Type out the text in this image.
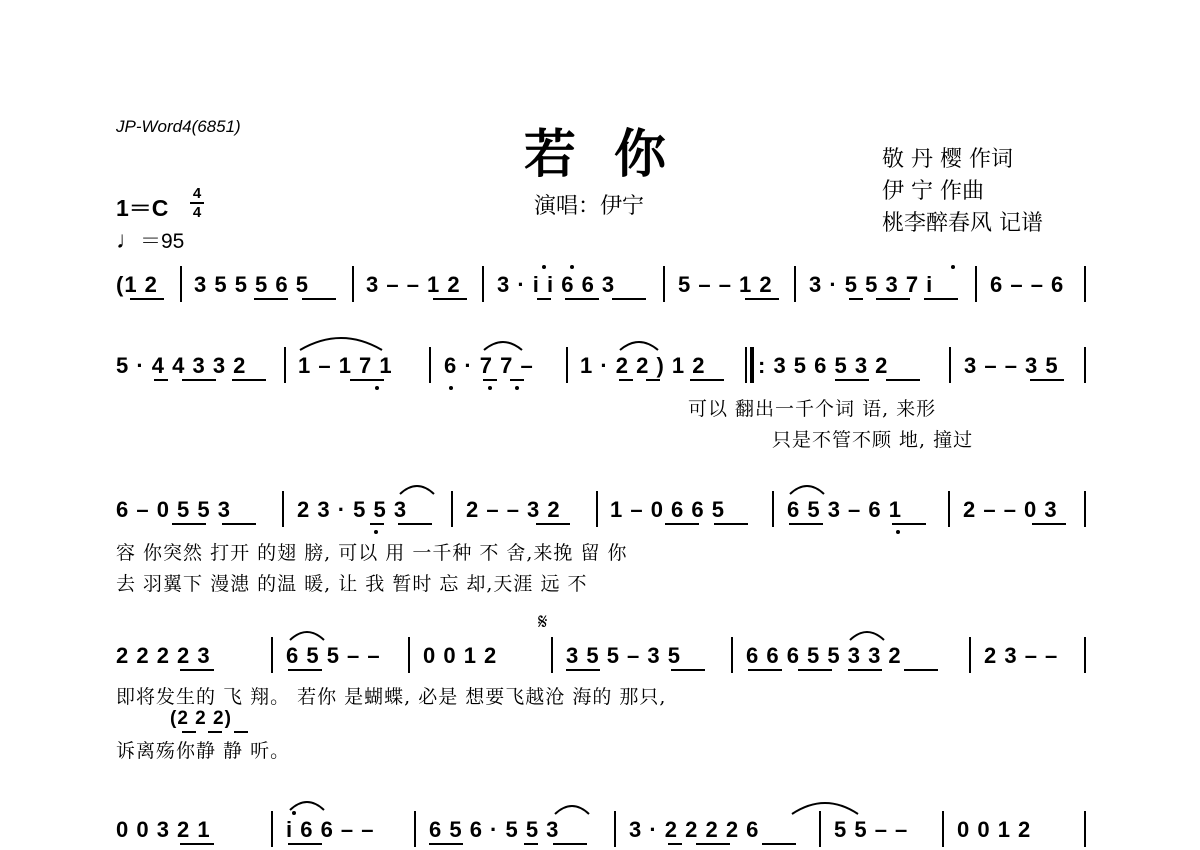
JP-Word4(6851)	若 你
演唱：伊宁
敬 丹 樱 作词
伊 宁 作曲
桃李醉春风 记谱
1＝C
4
4
♩＝95
(1 2 3 5 5 5 6 5	3 – – 1 2 3 · i i 6 6 3	5 – – 1 2 3 · 5 5 3 7 i	6 – – 6
5 · 4 4 3 3 2 1 – 1 7 1 6 · 7 7 – 1 · 2 2 ) 1 2 : 3 5 6 5 3 2	3 – – 3 5
可以 翻出一千个词 语, 来形
只是不管不顾 地, 撞过
6 – 0 5 5 3	2 3 · 5 5 3	2 – – 3 2 1 – 0 6 6 5	6 5 3 – 6 1	2 – – 0 3
容 你突然 打开 的翅 膀, 可以 用 一千种 不 舍,来挽 留 你
去 羽翼下 漫漶 的温 暖, 让 我 暂时 忘 却,天涯 远 不
𝄋
2 2 2 2 3	6 5 5 – – 0 0 1 2	3 5 5 – 3 5	6 6 6 5 5 3 3 2	2 3 – –
即将发生的 飞 翔。 若你 是蝴蝶, 必是 想要飞越沧 海的 那只,
(2 2 2)
诉离殇你静 静 听。
0 0 3 2 1	i 6 6 – – 6 5 6 · 5 5 3	3 · 2 2 2 2 6	5 5 – – 0 0 1 2
